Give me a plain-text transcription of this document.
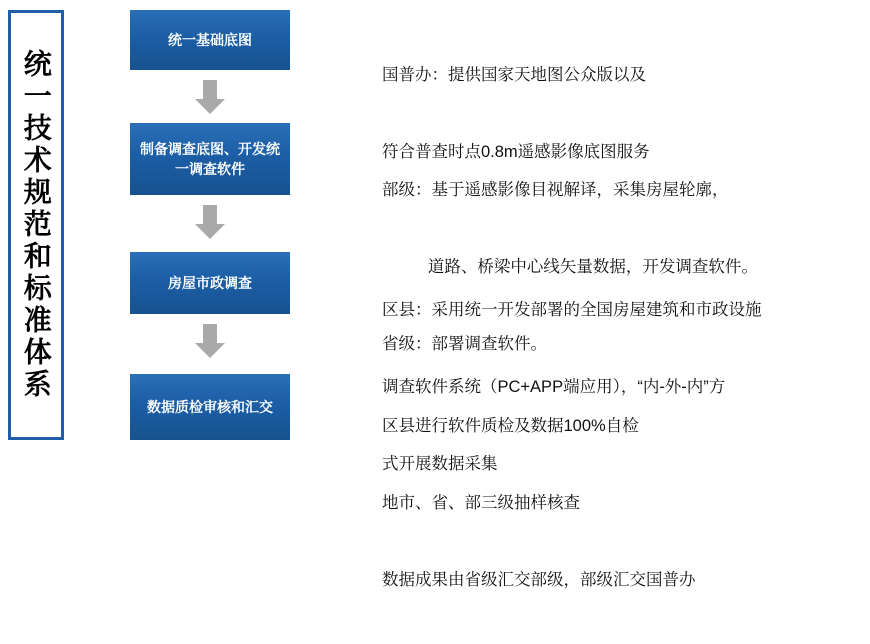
统一技术规范和标准体系
统一基础底图
制备调查底图、开发统一调查软件
房屋市政调查
数据质检审核和汇交

国普办：提供国家天地图公众版以及

符合普查时点0.8m遥感影像底图服务

部级：基于遥感影像目视解译，采集房屋轮廓，

道路、桥梁中心线矢量数据，开发调查软件。

省级：部署调查软件。

区县：采用统一开发部署的全国房屋建筑和市政设施

调查软件系统（PC+APP端应用），“内-外-内”方

式开展数据采集

区县进行软件质检及数据100%自检

地市、省、部三级抽样核查

数据成果由省级汇交部级，部级汇交国普办
